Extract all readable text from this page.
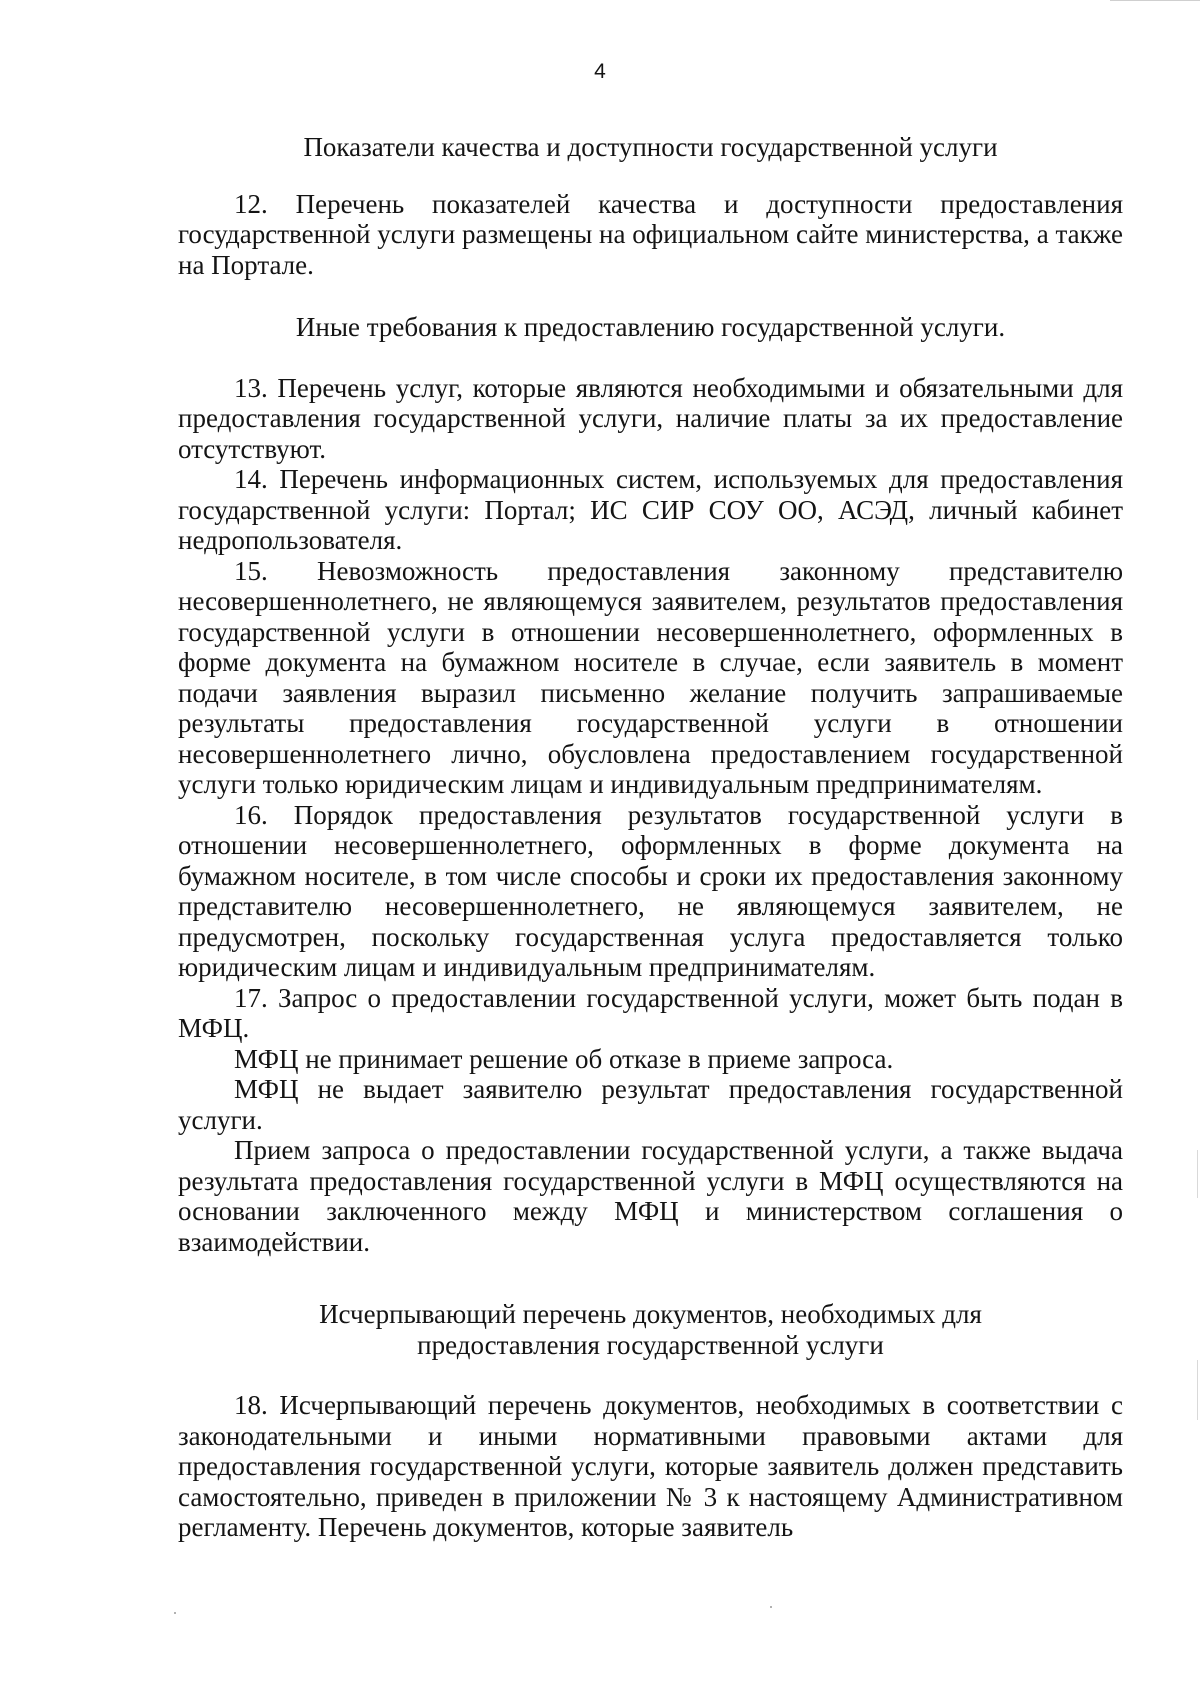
4

Показатели качества и доступности государственной услуги

12. Перечень показателей качества и доступности предоставления государственной услуги размещены на официальном сайте министерства, а также на Портале.

Иные требования к предоставлению государственной услуги.

13. Перечень услуг, которые являются необходимыми и обязательными для предоставления государственной услуги, наличие платы за их предоставление отсутствуют.

14. Перечень информационных систем, используемых для предоставления государственной услуги: Портал; ИС СИР СОУ ОО, АСЭД, личный кабинет недропользователя.

15. Невозможность предоставления законному представителю несовершеннолетнего, не являющемуся заявителем, результатов предоставления государственной услуги в отношении несовершеннолетнего, оформленных в форме документа на бумажном носителе в случае, если заявитель в момент подачи заявления выразил письменно желание получить запрашиваемые результаты предоставления государственной услуги в отношении несовершеннолетнего лично, обусловлена предоставлением государственной услуги только юридическим лицам и индивидуальным предпринимателям.

16. Порядок предоставления результатов государственной услуги в отношении несовершеннолетнего, оформленных в форме документа на бумажном носителе, в том числе способы и сроки их предоставления законному представителю несовершеннолетнего, не являющемуся заявителем, не предусмотрен, поскольку государственная услуга предоставляется только юридическим лицам и индивидуальным предпринимателям.

17. Запрос о предоставлении государственной услуги, может быть подан в МФЦ.

МФЦ не принимает решение об отказе в приеме запроса.

МФЦ не выдает заявителю результат предоставления государственной услуги.

Прием запроса о предоставлении государственной услуги, а также выдача результата предоставления государственной услуги в МФЦ осуществляются на основании заключенного между МФЦ и министерством соглашения о взаимодействии.

Исчерпывающий перечень документов, необходимых для

предоставления государственной услуги

18. Исчерпывающий перечень документов, необходимых в соответствии с законодательными и иными нормативными правовыми актами для предоставления государственной услуги, которые заявитель должен представить самостоятельно, приведен в приложении № 3 к настоящему Административном регламенту. Перечень документов, которые заявитель
